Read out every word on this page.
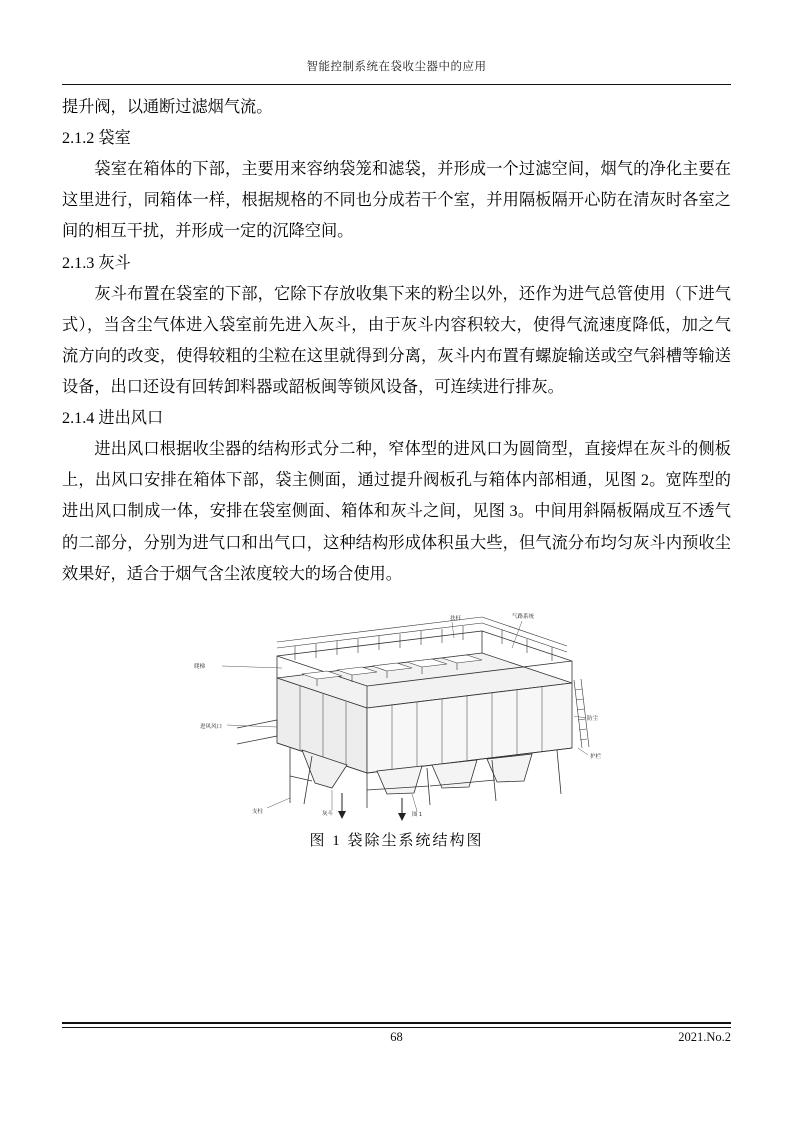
智能控制系统在袋收尘器中的应用

提升阀，以通断过滤烟气流。

2.1.2 袋室

袋室在箱体的下部，主要用来容纳袋笼和滤袋，并形成一个过滤空间，烟气的净化主要在这里进行，同箱体一样，根据规格的不同也分成若干个室，并用隔板隔开心防在清灰时各室之间的相互干扰，并形成一定的沉降空间。

2.1.3 灰斗

灰斗布置在袋室的下部，它除下存放收集下来的粉尘以外，还作为进气总管使用（下进气式），当含尘气体进入袋室前先进入灰斗，由于灰斗内容积较大，使得气流速度降低，加之气流方向的改变，使得较粗的尘粒在这里就得到分离，灰斗内布置有螺旋输送或空气斜槽等输送设备，出口还设有回转卸料器或韶板闽等锁风设备，可连续进行排灰。

2.1.4 进出风口

进出风口根据收尘器的结构形式分二种，窄体型的进风口为圆筒型，直接焊在灰斗的侧板上，出风口安排在箱体下部，袋主侧面，通过提升阀板孔与箱体内部相通，见图 2。宽阵型的进出风口制成一体，安排在袋室侧面、箱体和灰斗之间，见图 3。中间用斜隔板隔成互不透气的二部分，分别为进气口和出气口，这种结构形成体积虽大些，但气流分布均匀灰斗内预收尘效果好，适合于烟气含尘浓度较大的场合使用。

扶杆	气路系统
进风风口
爬梯
防尘
护栏
支柱	灰斗	图 1
图 1 袋除尘系统结构图
68	2021.No.2
